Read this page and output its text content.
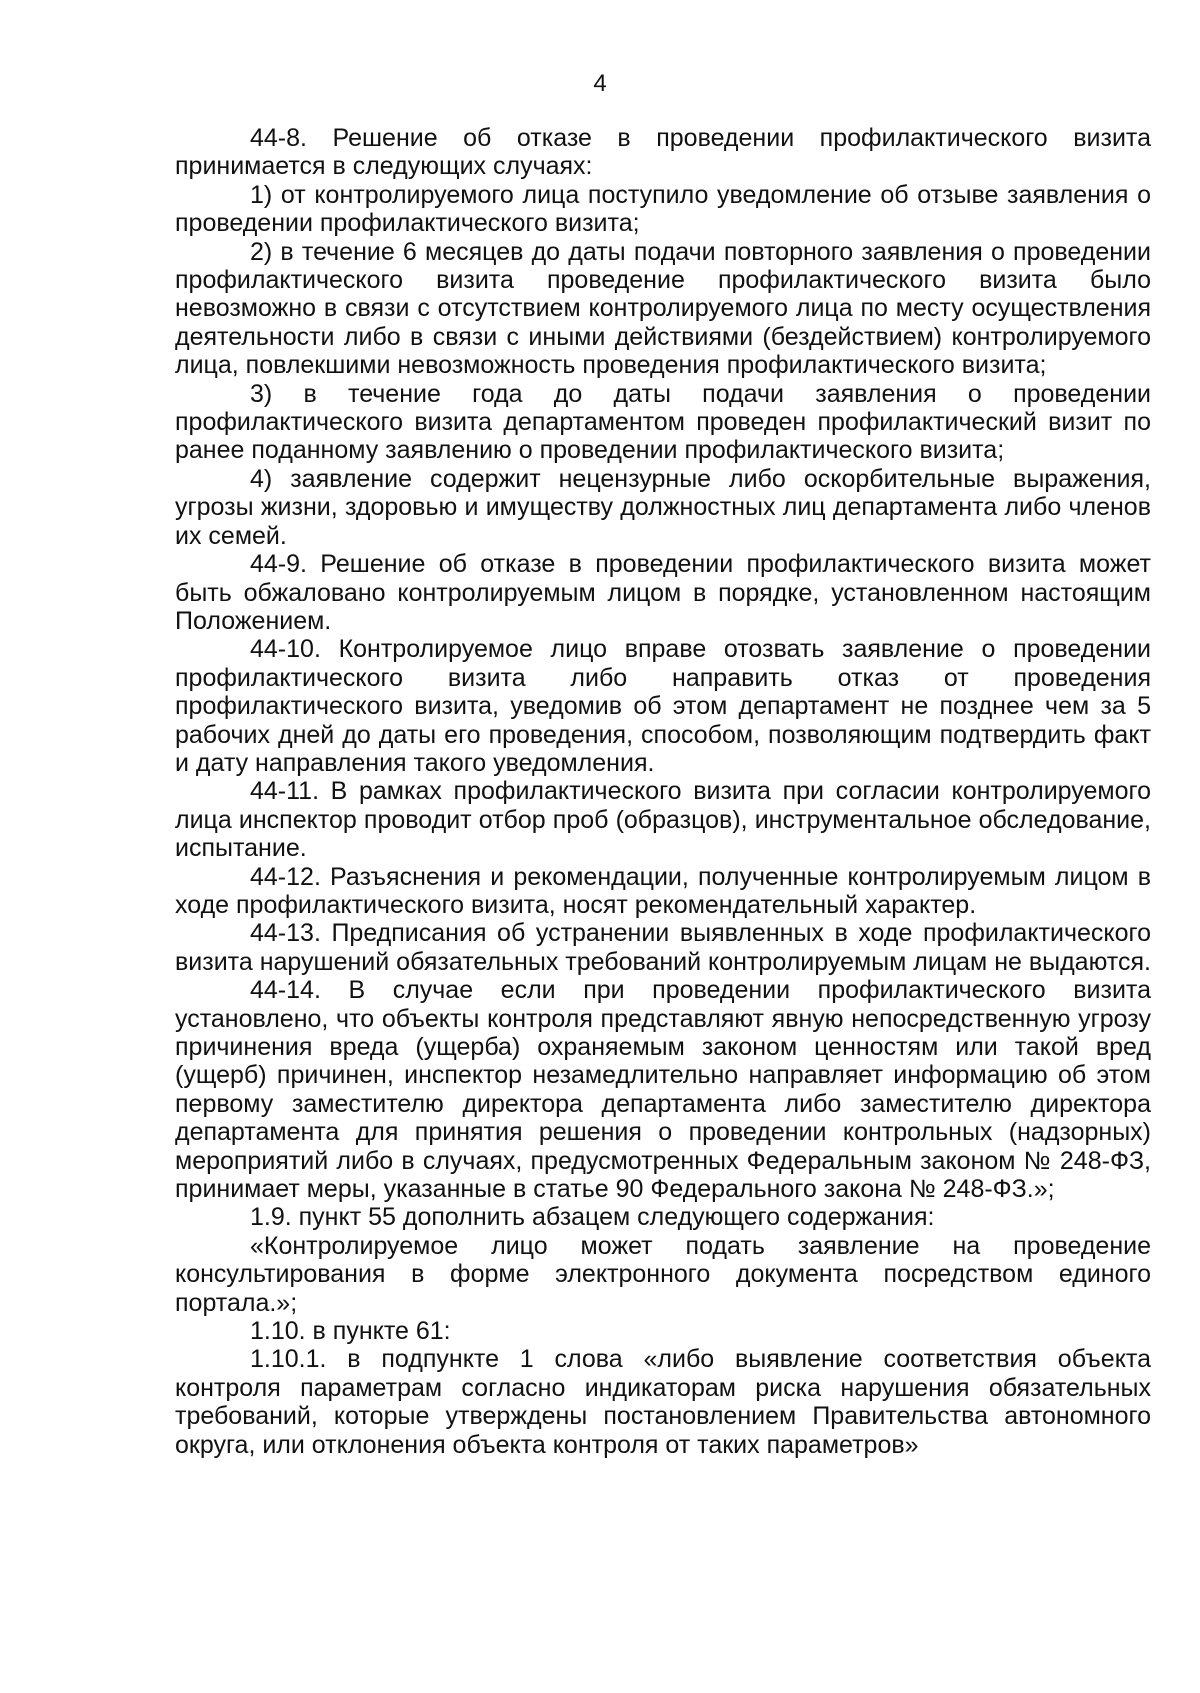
4

44-8. Решение об отказе в проведении профилактического визита принимается в следующих случаях:

1) от контролируемого лица поступило уведомление об отзыве заявления о проведении профилактического визита;

2) в течение 6 месяцев до даты подачи повторного заявления о проведении профилактического визита проведение профилактического визита было невозможно в связи с отсутствием контролируемого лица по месту осуществления деятельности либо в связи с иными действиями (бездействием) контролируемого лица, повлекшими невозможность проведения профилактического визита;

3) в течение года до даты подачи заявления о проведении профилактического визита департаментом проведен профилактический визит по ранее поданному заявлению о проведении профилактического визита;

4) заявление содержит нецензурные либо оскорбительные выражения, угрозы жизни, здоровью и имуществу должностных лиц департамента либо членов их семей.

44-9. Решение об отказе в проведении профилактического визита может быть обжаловано контролируемым лицом в порядке, установленном настоящим Положением.

44-10. Контролируемое лицо вправе отозвать заявление о проведении профилактического визита либо направить отказ от проведения профилактического визита, уведомив об этом департамент не позднее чем за 5 рабочих дней до даты его проведения, способом, позволяющим подтвердить факт и дату направления такого уведомления.

44-11. В рамках профилактического визита при согласии контролируемого лица инспектор проводит отбор проб (образцов), инструментальное обследование, испытание.

44-12. Разъяснения и рекомендации, полученные контролируемым лицом в ходе профилактического визита, носят рекомендательный характер.

44-13. Предписания об устранении выявленных в ходе профилактического визита нарушений обязательных требований контролируемым лицам не выдаются.

44-14. В случае если при проведении профилактического визита установлено, что объекты контроля представляют явную непосредственную угрозу причинения вреда (ущерба) охраняемым законом ценностям или такой вред (ущерб) причинен, инспектор незамедлительно направляет информацию об этом первому заместителю директора департамента либо заместителю директора департамента для принятия решения о проведении контрольных (надзорных) мероприятий либо в случаях, предусмотренных Федеральным законом № 248-ФЗ, принимает меры, указанные в статье 90 Федерального закона № 248-ФЗ.»;

1.9. пункт 55 дополнить абзацем следующего содержания:

«Контролируемое лицо может подать заявление на проведение консультирования в форме электронного документа посредством единого портала.»;

1.10. в пункте 61:

1.10.1. в подпункте 1 слова «либо выявление соответствия объекта контроля параметрам согласно индикаторам риска нарушения обязательных требований, которые утверждены постановлением Правительства автономного округа, или отклонения объекта контроля от таких параметров»
